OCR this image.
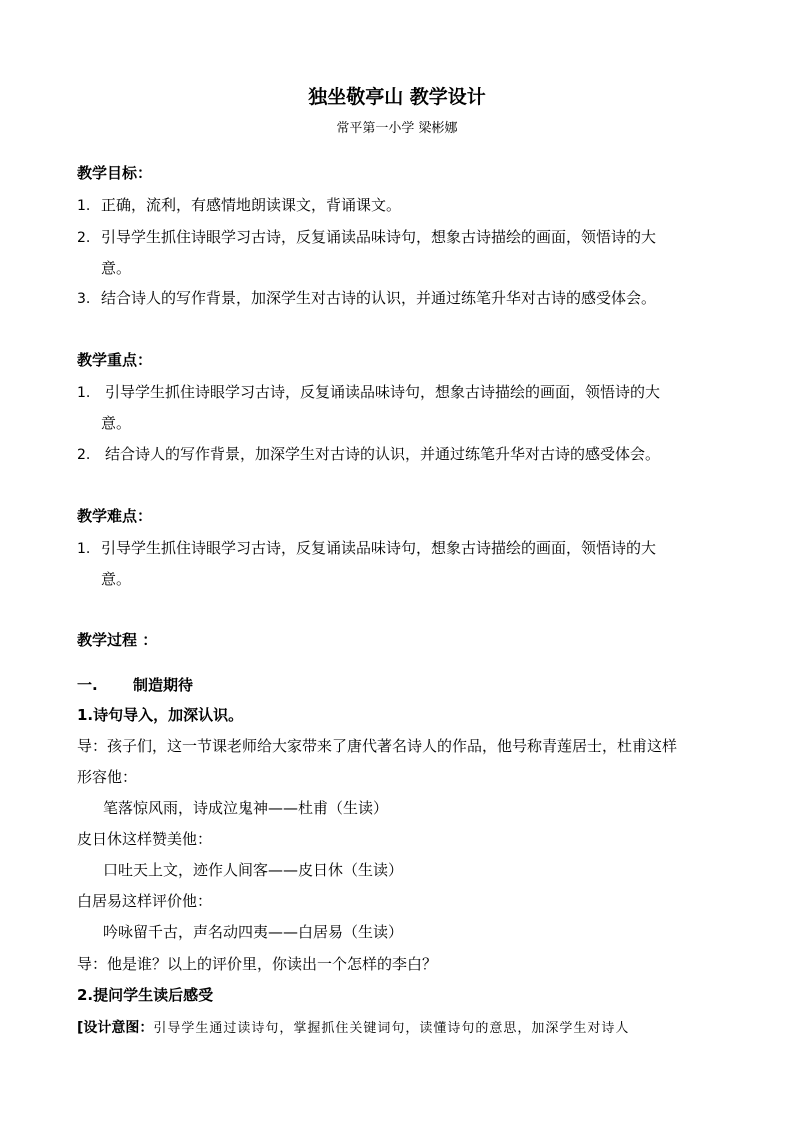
独坐敬亭山 教学设计
常平第一小学 梁彬娜
教学目标：
1. 正确，流利，有感情地朗读课文，背诵课文。
2. 引导学生抓住诗眼学习古诗，反复诵读品味诗句，想象古诗描绘的画面，领悟诗的大
意。
3. 结合诗人的写作背景，加深学生对古诗的认识，并通过练笔升华对古诗的感受体会。
教学重点：
1. 引导学生抓住诗眼学习古诗，反复诵读品味诗句，想象古诗描绘的画面，领悟诗的大
意。
2. 结合诗人的写作背景，加深学生对古诗的认识，并通过练笔升华对古诗的感受体会。
教学难点：
1. 引导学生抓住诗眼学习古诗，反复诵读品味诗句，想象古诗描绘的画面，领悟诗的大
意。
教学过程 ：
一. 制造期待
1.诗句导入，加深认识。
导：孩子们，这一节课老师给大家带来了唐代著名诗人的作品，他号称青莲居士，杜甫这样
形容他：
笔落惊风雨，诗成泣鬼神——杜甫（生读）
皮日休这样赞美他：
口吐天上文，迹作人间客——皮日休（生读）
白居易这样评价他：
吟咏留千古，声名动四夷——白居易（生读）
导：他是谁？以上的评价里，你读出一个怎样的李白？
2.提问学生读后感受
[设计意图：引导学生通过读诗句，掌握抓住关键词句，读懂诗句的意思，加深学生对诗人
